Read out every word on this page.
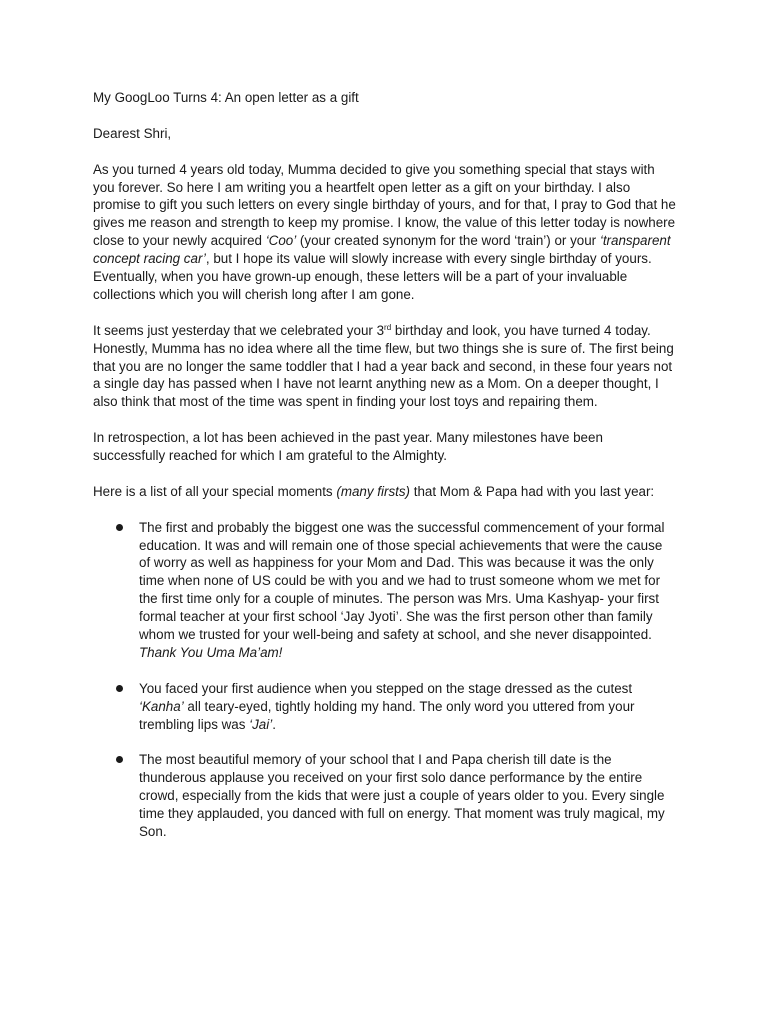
My GoogLoo Turns 4: An open letter as a gift

Dearest Shri,

As you turned 4 years old today, Mumma decided to give you something special that stays with you forever. So here I am writing you a heartfelt open letter as a gift on your birthday. I also promise to gift you such letters on every single birthday of yours, and for that, I pray to God that he gives me reason and strength to keep my promise. I know, the value of this letter today is nowhere close to your newly acquired ‘Coo’ (your created synonym for the word ‘train’) or your ‘transparent concept racing car’, but I hope its value will slowly increase with every single birthday of yours. Eventually, when you have grown-up enough, these letters will be a part of your invaluable collections which you will cherish long after I am gone.

It seems just yesterday that we celebrated your 3rd birthday and look, you have turned 4 today. Honestly, Mumma has no idea where all the time flew, but two things she is sure of. The first being that you are no longer the same toddler that I had a year back and second, in these four years not a single day has passed when I have not learnt anything new as a Mom. On a deeper thought, I also think that most of the time was spent in finding your lost toys and repairing them.

In retrospection, a lot has been achieved in the past year. Many milestones have been successfully reached for which I am grateful to the Almighty.

Here is a list of all your special moments (many firsts) that Mom & Papa had with you last year:

The first and probably the biggest one was the successful commencement of your formal education. It was and will remain one of those special achievements that were the cause of worry as well as happiness for your Mom and Dad. This was because it was the only time when none of US could be with you and we had to trust someone whom we met for the first time only for a couple of minutes. The person was Mrs. Uma Kashyap- your first formal teacher at your first school ‘Jay Jyoti’. She was the first person other than family whom we trusted for your well-being and safety at school, and she never disappointed. Thank You Uma Ma’am!
You faced your first audience when you stepped on the stage dressed as the cutest ‘Kanha’ all teary-eyed, tightly holding my hand. The only word you uttered from your trembling lips was ‘Jai’.
The most beautiful memory of your school that I and Papa cherish till date is the thunderous applause you received on your first solo dance performance by the entire crowd, especially from the kids that were just a couple of years older to you. Every single time they applauded, you danced with full on energy. That moment was truly magical, my Son.
